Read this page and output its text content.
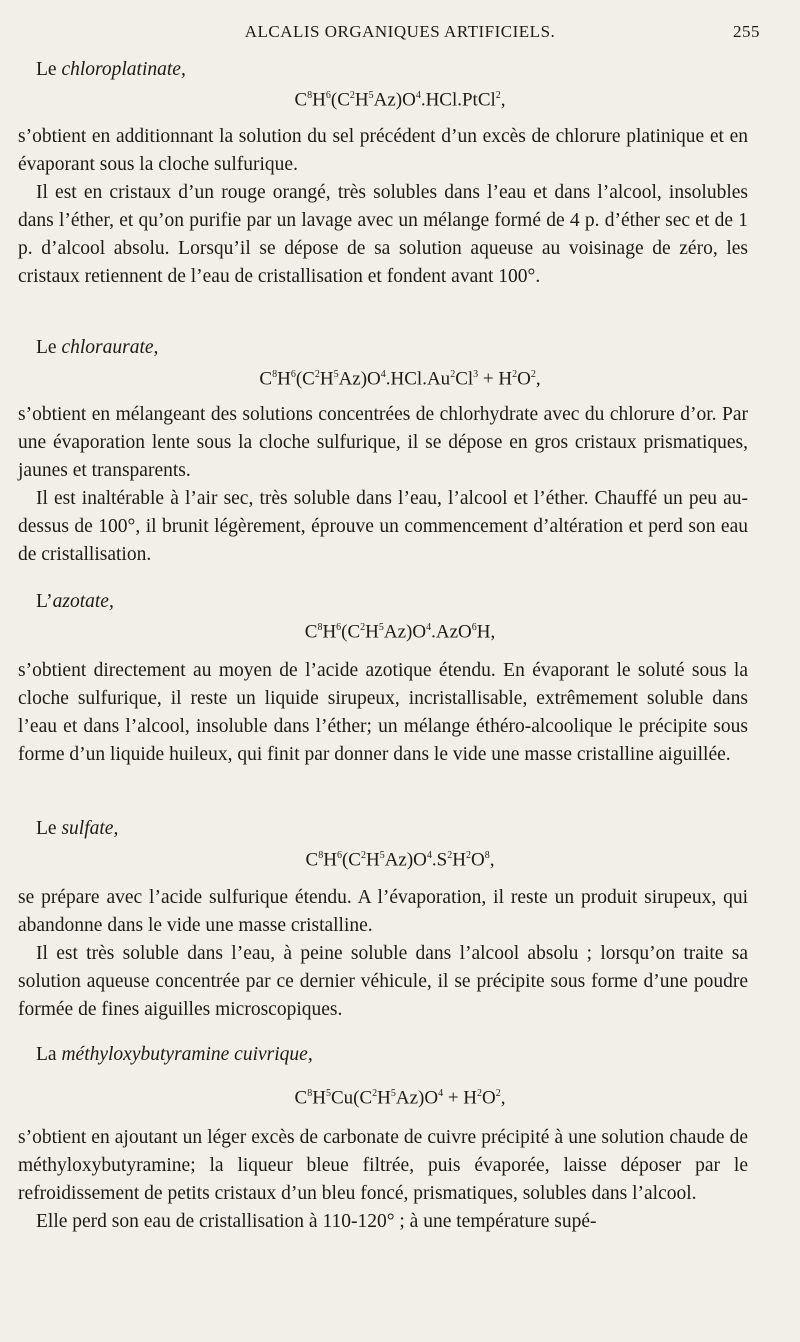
ALCALIS ORGANIQUES ARTIFICIELS.	255
Le chloroplatinate,
$C^8H^6(C^2H^5Az)O^4.HCl.PtCl^2$,

s’obtient en additionnant la solution du sel précédent d’un excès de chlorure platinique et en évaporant sous la cloche sulfurique.

Il est en cristaux d’un rouge orangé, très solubles dans l’eau et dans l’alcool, insolubles dans l’éther, et qu’on purifie par un lavage avec un mélange formé de 4 p. d’éther sec et de 1 p. d’alcool absolu. Lorsqu’il se dépose de sa solution aqueuse au voisinage de zéro, les cristaux retiennent de l’eau de cristallisation et fondent avant 100°.

Le chloraurate,
$C^8H^6(C^2H^5Az)O^4.HCl.Au^2Cl^3 + H^2O^2$,

s’obtient en mélangeant des solutions concentrées de chlorhydrate avec du chlorure d’or. Par une évaporation lente sous la cloche sulfurique, il se dépose en gros cristaux prismatiques, jaunes et transparents.

Il est inaltérable à l’air sec, très soluble dans l’eau, l’alcool et l’éther. Chauffé un peu au-dessus de 100°, il brunit légèrement, éprouve un commencement d’altération et perd son eau de cristallisation.

L’azotate,
$C^8H^6(C^2H^5Az)O^4.AzO^6H$,

s’obtient directement au moyen de l’acide azotique étendu. En évaporant le soluté sous la cloche sulfurique, il reste un liquide sirupeux, incristallisable, extrêmement soluble dans l’eau et dans l’alcool, insoluble dans l’éther; un mélange éthéro-alcoolique le précipite sous forme d’un liquide huileux, qui finit par donner dans le vide une masse cristalline aiguillée.

Le sulfate,
$C^8H^6(C^2H^5Az)O^4.S^2H^2O^8$,

se prépare avec l’acide sulfurique étendu. A l’évaporation, il reste un produit sirupeux, qui abandonne dans le vide une masse cristalline.

Il est très soluble dans l’eau, à peine soluble dans l’alcool absolu ; lorsqu’on traite sa solution aqueuse concentrée par ce dernier véhicule, il se précipite sous forme d’une poudre formée de fines aiguilles microscopiques.

La méthyloxybutyramine cuivrique,
$C^8H^5Cu(C^2H^5Az)O^4 + H^2O^2$,

s’obtient en ajoutant un léger excès de carbonate de cuivre précipité à une solution chaude de méthyloxybutyramine; la liqueur bleue filtrée, puis évaporée, laisse déposer par le refroidissement de petits cristaux d’un bleu foncé, prismatiques, solubles dans l’alcool.

Elle perd son eau de cristallisation à 110-120° ; à une température supé-
